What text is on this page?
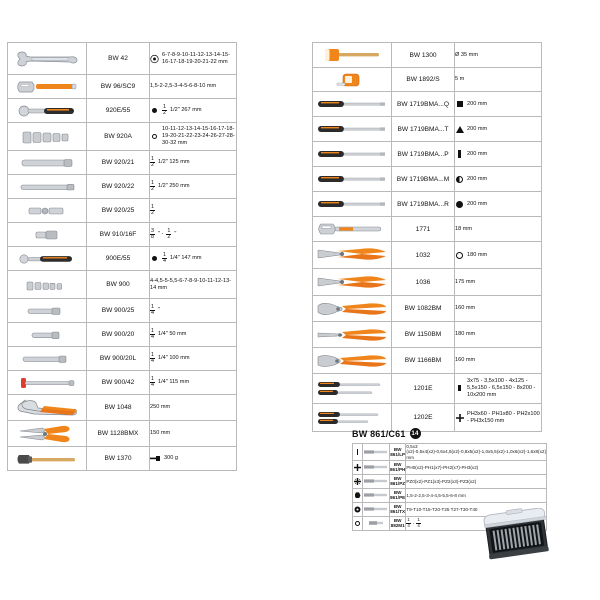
	BW 42	6-7-8-9-10-11-12-13-14-15-16-17-18-19-20-21-22 mm

	BW 96/SC9	1,5-2-2,5-3-4-5-6-8-10 mm

	920E/55	$\frac{1}{2} 1/2$" 267 mm

	BW 920A	10-11-12-13-14-15-16-17-18-19-20-21-22-23-24-26-27-28-30-32 mm

	BW 920/21	$\frac{1}{2} 1/2$" 125 mm

	BW 920/22	$\frac{1}{2} 1/2$" 250 mm

	BW 920/25	$\frac{1}{2}$

	BW 910/16F	$\frac{3}{8}$ " - $\frac{1}{2}$ "

	900E/55	$\frac{1}{4} 1/4$" 147 mm

	BW 900	4-4,5-5-5,5-6-7-8-9-10-11-12-13-14 mm

	BW 900/25	$\frac{1}{4}$ "

	BW 900/20	$\frac{1}{4} 1/4$" 50 mm

	BW 900/20L	$\frac{1}{4} 1/4$" 100 mm

	BW 900/42	$\frac{1}{4} 1/4$" 115 mm

	BW 1048	250 mm

	BW 1128BMX	150 mm

	BW 1370	300 g
	BW 1300	Ø 35 mm

	BW 1892/S	5 m

	BW 1719BMA...Q	200 mm

	BW 1719BMA...T	200 mm

	BW 1719BMA...P	200 mm

	BW 1719BMA...M	200 mm

	BW 1719BMA...R	200 mm

	1771	18 mm

	1032	180 mm

	1036	175 mm

	BW 1082BM	160 mm

	BW 1150BM	180 mm

	BW 1166BM	160 mm

	1201E	3x75 - 3,5x100 - 4x125 - 5,5x150 - 6,5x150 - 8x200 - 10x200 mm

	1202E	PH3x60 - PH1x80 - PH2x100 - PH3x150 mm
BW 861/C61 14

	BW 861/LP	0,5x3 (x2)-0,5x4(x2)-0,6x4,5(x2)-0,8x5(x2)-1,0x5,5(x2)-1,0x6(x2)-1,6x8(x2) mm

	BW 861/PH	PH0(x2)-PH1(x7)-PH2(x7)-PH3(x2)

	BW 861/PZ	PZ0(x2)-PZ1(x3)-PZ2(x3)-PZ3(x2)

	BW 861/PE	1,5-2-2,5-3-4-4,5-5,5-6-8 mm

	BW 861/TX	T9-T10-T15-T20-T25 T27-T30-T40

	BW 882M1	$\frac{1}{4} - \frac{1}{4}$
